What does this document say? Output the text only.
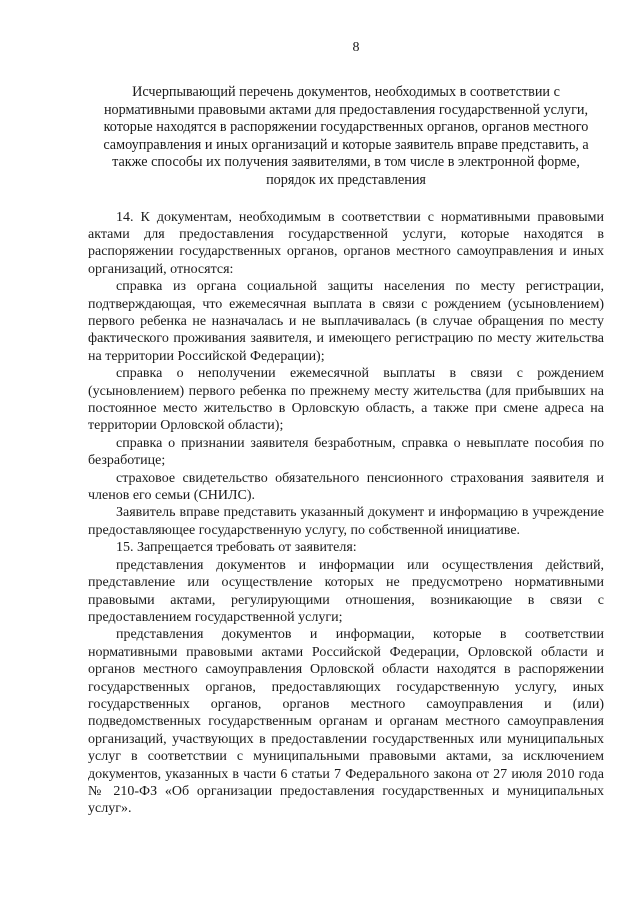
8
Исчерпывающий перечень документов, необходимых в соответствии с
нормативными правовыми актами для предоставления государственной услуги,
которые находятся в распоряжении государственных органов, органов местного
самоуправления и иных организаций и которые заявитель вправе представить, а
также способы их получения заявителями, в том числе в электронной форме,
порядок их представления

14. К документам, необходимым в соответствии с нормативными правовыми актами для предоставления государственной услуги, которые находятся в распоряжении государственных органов, органов местного самоуправления и иных организаций, относятся:

справка из органа социальной защиты населения по месту регистрации, подтверждающая, что ежемесячная выплата в связи с рождением (усыновлением) первого ребенка не назначалась и не выплачивалась (в случае обращения по месту фактического проживания заявителя, и имеющего регистрацию по месту жительства на территории Российской Федерации);

справка о неполучении ежемесячной выплаты в связи с рождением (усыновлением) первого ребенка по прежнему месту жительства (для прибывших на постоянное место жительство в Орловскую область, а также при смене адреса на территории Орловской области);

справка о признании заявителя безработным, справка о невыплате пособия по безработице;

страховое свидетельство обязательного пенсионного страхования заявителя и членов его семьи (СНИЛС).

Заявитель вправе представить указанный документ и информацию в учреждение предоставляющее государственную услугу, по собственной инициативе.

15. Запрещается требовать от заявителя:

представления документов и информации или осуществления действий, представление или осуществление которых не предусмотрено нормативными правовыми актами, регулирующими отношения, возникающие в связи с предоставлением государственной услуги;

представления документов и информации, которые в соответствии нормативными правовыми актами Российской Федерации, Орловской области и органов местного самоуправления Орловской области находятся в распоряжении государственных органов, предоставляющих государственную услугу, иных государственных органов, органов местного самоуправления и (или) подведомственных государственным органам и органам местного самоуправления организаций, участвующих в предоставлении государственных или муниципальных услуг в соответствии с муниципальными правовыми актами, за исключением документов, указанных в части 6 статьи 7 Федерального закона от 27 июля 2010 года № 210-ФЗ «Об организации предоставления государственных и муниципальных услуг».
